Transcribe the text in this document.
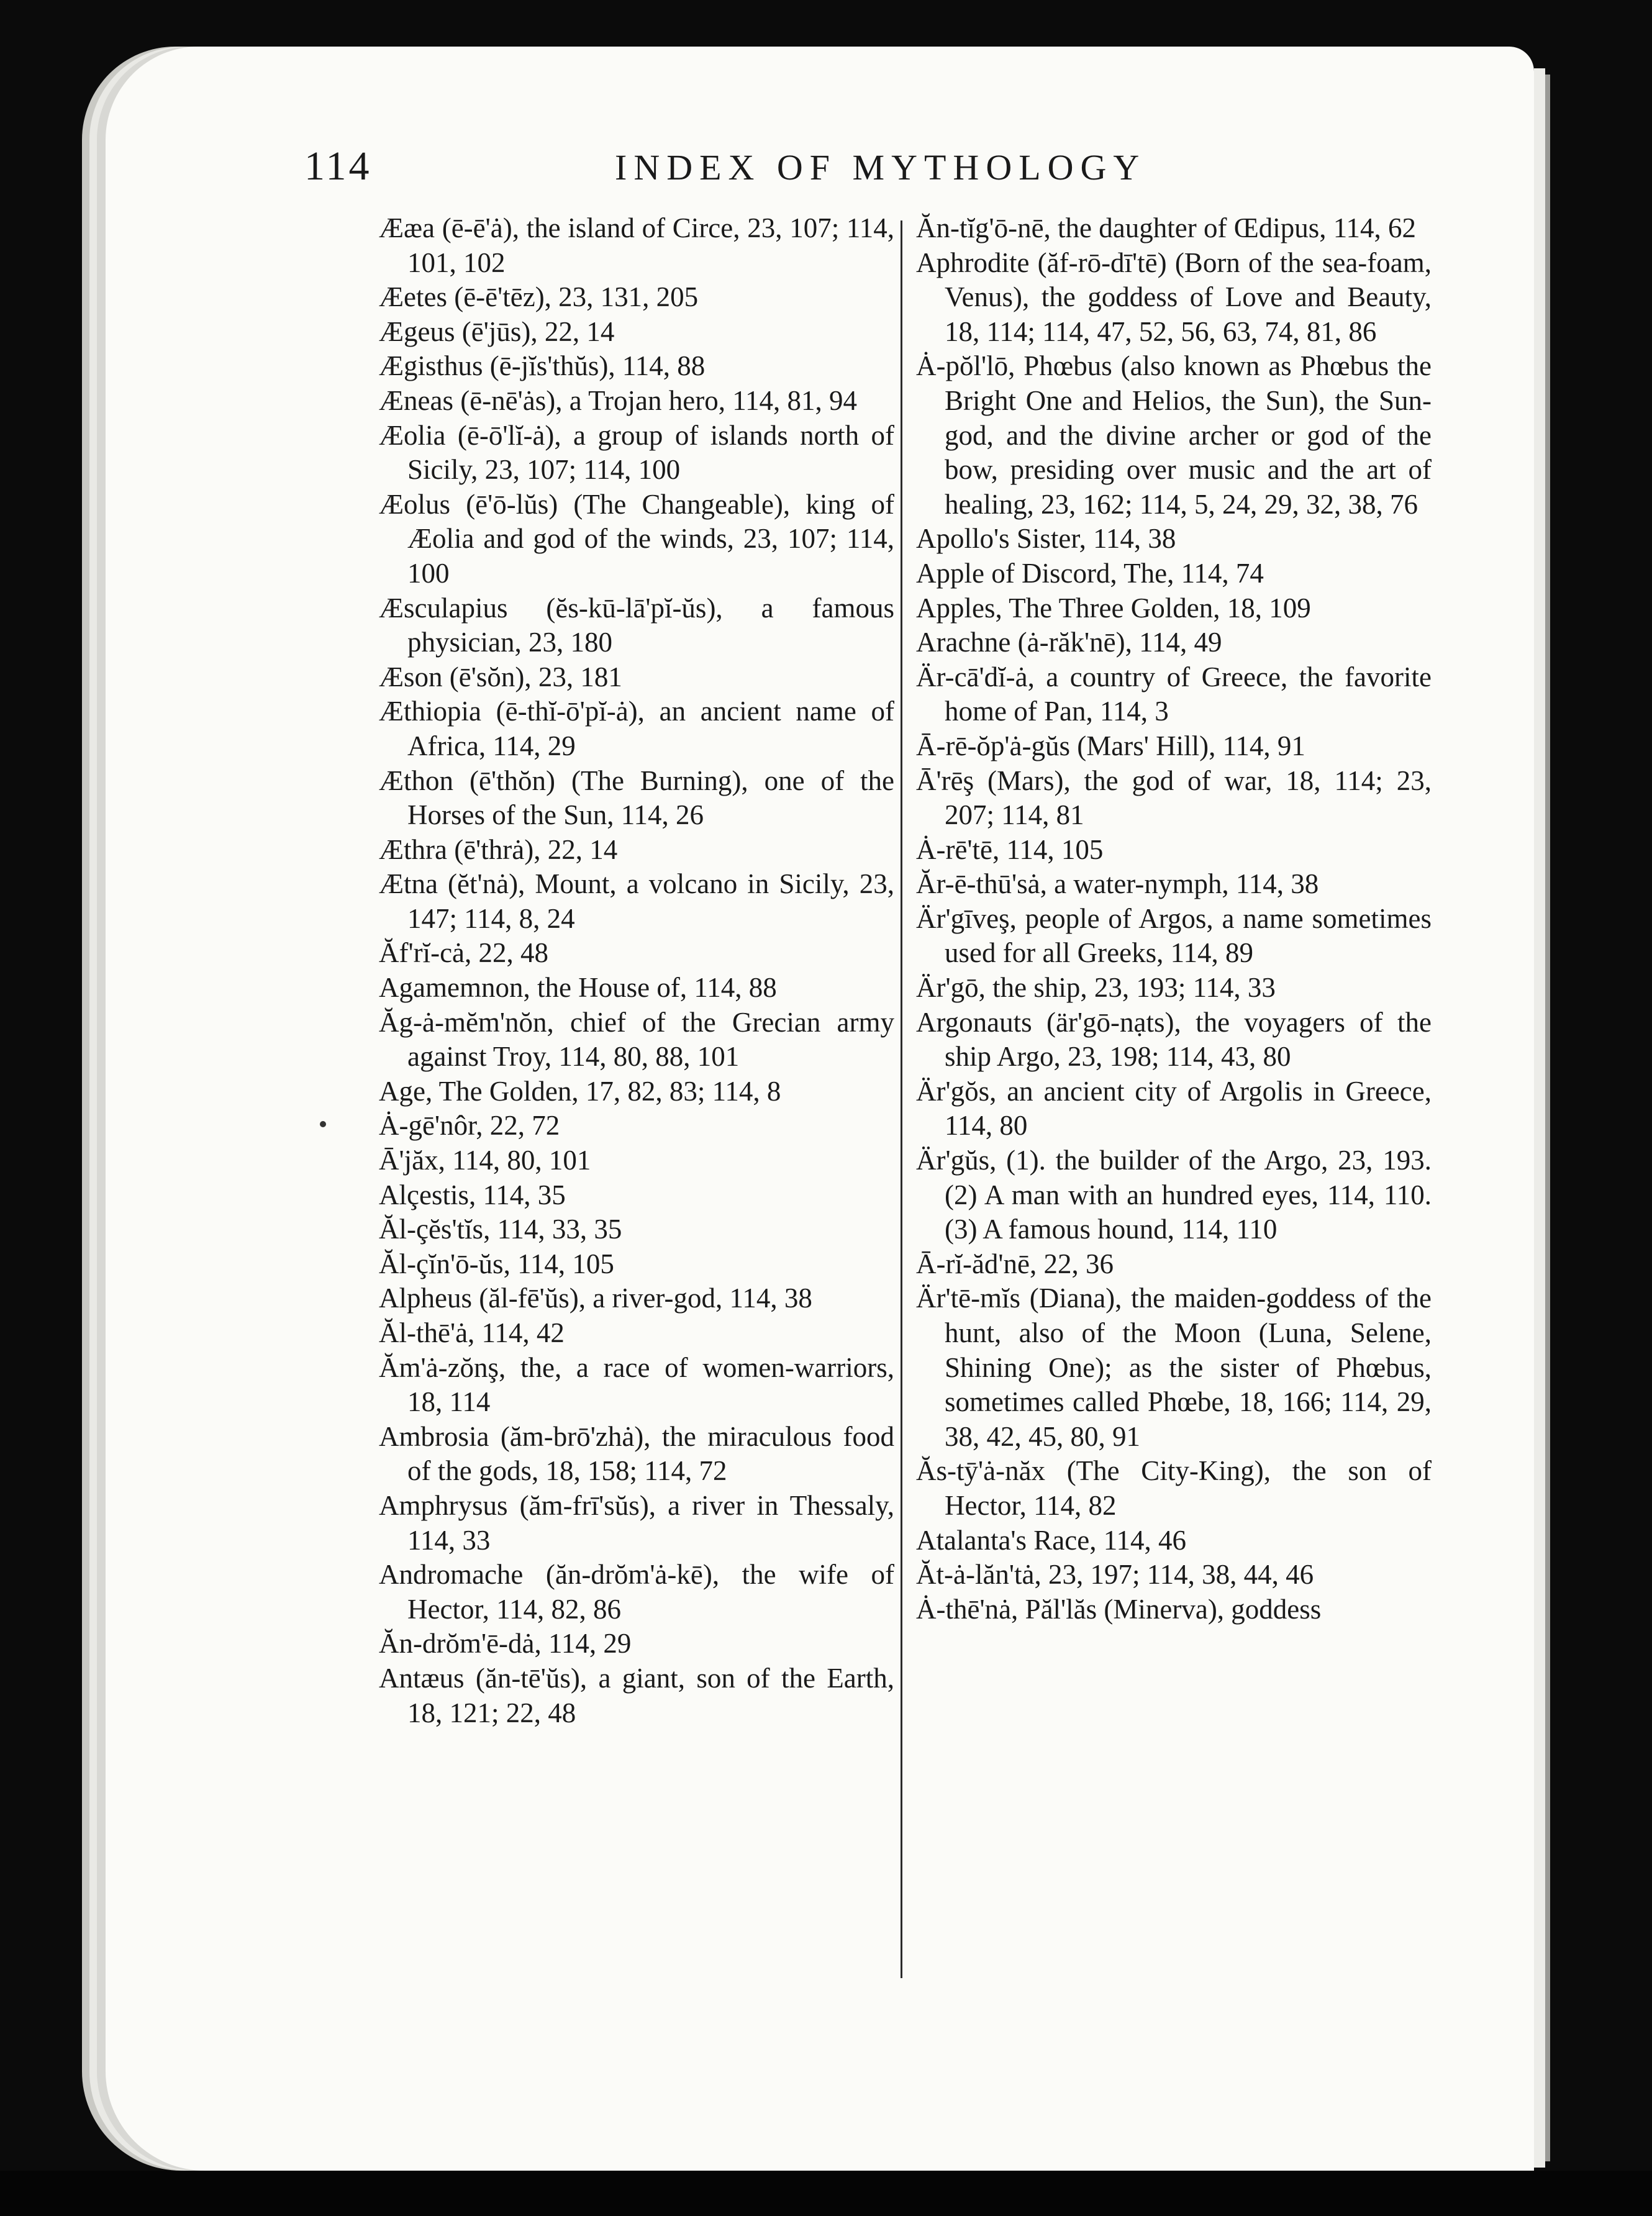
114	INDEX OF MYTHOLOGY
Ææa (ē-ē'ȧ), the island of Circe, 23, 107; 114, 101, 102
Æetes (ē-ē'tēz), 23, 131, 205
Ægeus (ē'jūs), 22, 14
Ægisthus (ē-jĭs'thŭs), 114, 88
Æneas (ē-nē'ȧs), a Trojan hero, 114, 81, 94
Æolia (ē-ō'lĭ-ȧ), a group of islands north of Sicily, 23, 107; 114, 100
Æolus (ē'ō-lŭs) (The Changeable), king of Æolia and god of the winds, 23, 107; 114, 100
Æsculapius (ĕs-kū-lā'pĭ-ŭs), a famous physician, 23, 180
Æson (ē'sŏn), 23, 181
Æthiopia (ē-thĭ-ō'pĭ-ȧ), an ancient name of Africa, 114, 29
Æthon (ē'thŏn) (The Burning), one of the Horses of the Sun, 114, 26
Æthra (ē'thrȧ), 22, 14
Ætna (ĕt'nȧ), Mount, a volcano in Sicily, 23, 147; 114, 8, 24
Ăf'rĭ-cȧ, 22, 48
Agamemnon, the House of, 114, 88
Ăg-ȧ-mĕm'nŏn, chief of the Grecian army against Troy, 114, 80, 88, 101
Age, The Golden, 17, 82, 83; 114, 8
Ȧ-gē'nôr, 22, 72
Ā'jăx, 114, 80, 101
Alçestis, 114, 35
Ăl-çĕs'tĭs, 114, 33, 35
Ăl-çĭn'ō-ŭs, 114, 105
Alpheus (ăl-fē'ŭs), a river-god, 114, 38
Ăl-thē'ȧ, 114, 42
Ăm'ȧ-zŏnş, the, a race of women-warriors, 18, 114
Ambrosia (ăm-brō'zhȧ), the miraculous food of the gods, 18, 158; 114, 72
Amphrysus (ăm-frī'sŭs), a river in Thessaly, 114, 33
Andromache (ăn-drŏm'ȧ-kē), the wife of Hector, 114, 82, 86
Ăn-drŏm'ē-dȧ, 114, 29
Antæus (ăn-tē'ŭs), a giant, son of the Earth, 18, 121; 22, 48
Ăn-tĭg'ō-nē, the daughter of Œdipus, 114, 62
Aphrodite (ăf-rō-dī'tē) (Born of the sea-foam, Venus), the goddess of Love and Beauty, 18, 114; 114, 47, 52, 56, 63, 74, 81, 86
Ȧ-pŏl'lō, Phœbus (also known as Phœbus the Bright One and Helios, the Sun), the Sun-god, and the divine archer or god of the bow, presiding over music and the art of healing, 23, 162; 114, 5, 24, 29, 32, 38, 76
Apollo's Sister, 114, 38
Apple of Discord, The, 114, 74
Apples, The Three Golden, 18, 109
Arachne (ȧ-răk'nē), 114, 49
Är-cā'dĭ-ȧ, a country of Greece, the favorite home of Pan, 114, 3
Ā-rē-ŏp'ȧ-gŭs (Mars' Hill), 114, 91
Ā'rēş (Mars), the god of war, 18, 114; 23, 207; 114, 81
Ȧ-rē'tē, 114, 105
Ăr-ē-thū'sȧ, a water-nymph, 114, 38
Är'gīveş, people of Argos, a name sometimes used for all Greeks, 114, 89
Är'gō, the ship, 23, 193; 114, 33
Argonauts (är'gō-nạts), the voyagers of the ship Argo, 23, 198; 114, 43, 80
Är'gŏs, an ancient city of Argolis in Greece, 114, 80
Är'gŭs, (1). the builder of the Argo, 23, 193. (2) A man with an hundred eyes, 114, 110. (3) A famous hound, 114, 110
Ā-rĭ-ăd'nē, 22, 36
Är'tē-mĭs (Diana), the maiden-goddess of the hunt, also of the Moon (Luna, Selene, Shining One); as the sister of Phœbus, sometimes called Phœbe, 18, 166; 114, 29, 38, 42, 45, 80, 91
Ăs-tȳ'ȧ-năx (The City-King), the son of Hector, 114, 82
Atalanta's Race, 114, 46
Ăt-ȧ-lăn'tȧ, 23, 197; 114, 38, 44, 46
Ȧ-thē'nȧ, Păl'lăs (Minerva), goddess
